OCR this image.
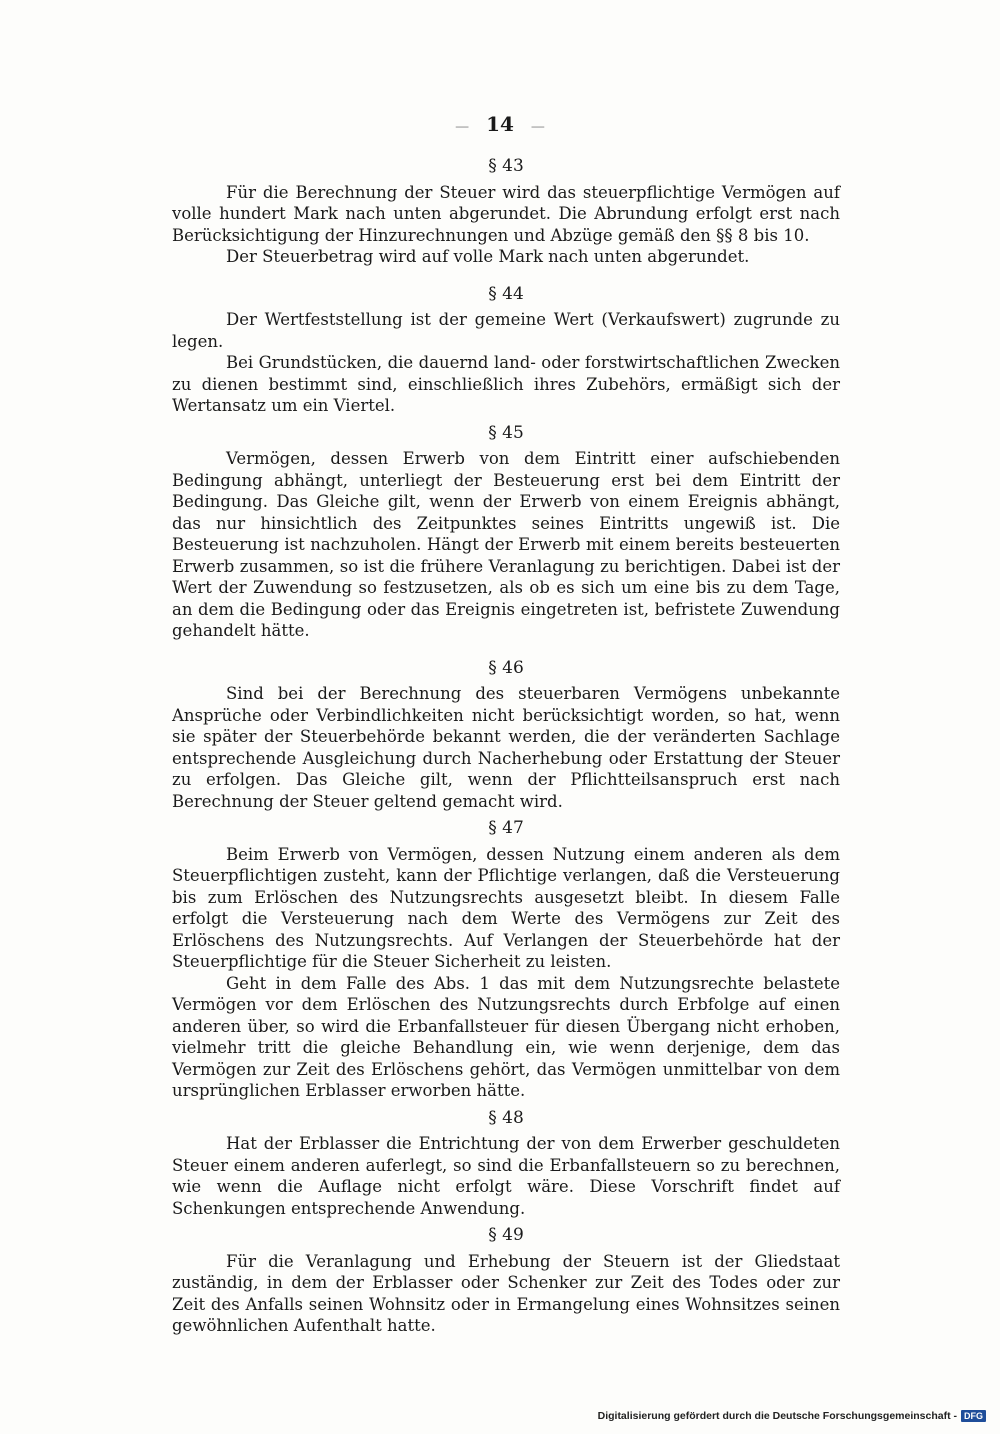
— 14 —
§ 43

Für die Berechnung der Steuer wird das steuerpflichtige Vermögen auf volle hundert Mark nach unten abgerundet. Die Abrundung erfolgt erst nach Berücksichtigung der Hinzurechnungen und Abzüge gemäß den §§ 8 bis 10.

Der Steuerbetrag wird auf volle Mark nach unten abgerundet.

§ 44

Der Wertfeststellung ist der gemeine Wert (Verkaufswert) zugrunde zu legen.

Bei Grundstücken, die dauernd land- oder forstwirtschaftlichen Zwecken zu dienen bestimmt sind, einschließlich ihres Zubehörs, ermäßigt sich der Wertansatz um ein Viertel.

§ 45

Vermögen, dessen Erwerb von dem Eintritt einer aufschiebenden Bedingung abhängt, unterliegt der Besteuerung erst bei dem Eintritt der Bedingung. Das Gleiche gilt, wenn der Erwerb von einem Ereignis abhängt, das nur hinsichtlich des Zeitpunktes seines Eintritts ungewiß ist. Die Besteuerung ist nachzuholen. Hängt der Erwerb mit einem bereits besteuerten Erwerb zusammen, so ist die frühere Veranlagung zu berichtigen. Dabei ist der Wert der Zuwendung so festzusetzen, als ob es sich um eine bis zu dem Tage, an dem die Bedingung oder das Ereignis eingetreten ist, befristete Zuwendung gehandelt hätte.

§ 46

Sind bei der Berechnung des steuerbaren Vermögens unbekannte Ansprüche oder Verbindlichkeiten nicht berücksichtigt worden, so hat, wenn sie später der Steuerbehörde bekannt werden, die der veränderten Sachlage entsprechende Ausgleichung durch Nacherhebung oder Erstattung der Steuer zu erfolgen. Das Gleiche gilt, wenn der Pflichtteilsanspruch erst nach Berechnung der Steuer geltend gemacht wird.

§ 47

Beim Erwerb von Vermögen, dessen Nutzung einem anderen als dem Steuerpflichtigen zusteht, kann der Pflichtige verlangen, daß die Versteuerung bis zum Erlöschen des Nutzungsrechts ausgesetzt bleibt. In diesem Falle erfolgt die Versteuerung nach dem Werte des Vermögens zur Zeit des Erlöschens des Nutzungsrechts. Auf Verlangen der Steuerbehörde hat der Steuerpflichtige für die Steuer Sicherheit zu leisten.

Geht in dem Falle des Abs. 1 das mit dem Nutzungsrechte belastete Vermögen vor dem Erlöschen des Nutzungsrechts durch Erbfolge auf einen anderen über, so wird die Erbanfallsteuer für diesen Übergang nicht erhoben, vielmehr tritt die gleiche Behandlung ein, wie wenn derjenige, dem das Vermögen zur Zeit des Erlöschens gehört, das Vermögen unmittelbar von dem ursprünglichen Erblasser erworben hätte.

§ 48

Hat der Erblasser die Entrichtung der von dem Erwerber geschuldeten Steuer einem anderen auferlegt, so sind die Erbanfallsteuern so zu berechnen, wie wenn die Auflage nicht erfolgt wäre. Diese Vorschrift findet auf Schenkungen entsprechende Anwendung.

§ 49

Für die Veranlagung und Erhebung der Steuern ist der Gliedstaat zuständig, in dem der Erblasser oder Schenker zur Zeit des Todes oder zur Zeit des Anfalls seinen Wohnsitz oder in Ermangelung eines Wohnsitzes seinen gewöhnlichen Aufenthalt hatte.

Digitalisierung gefördert durch die Deutsche Forschungsgemeinschaft - DFG
